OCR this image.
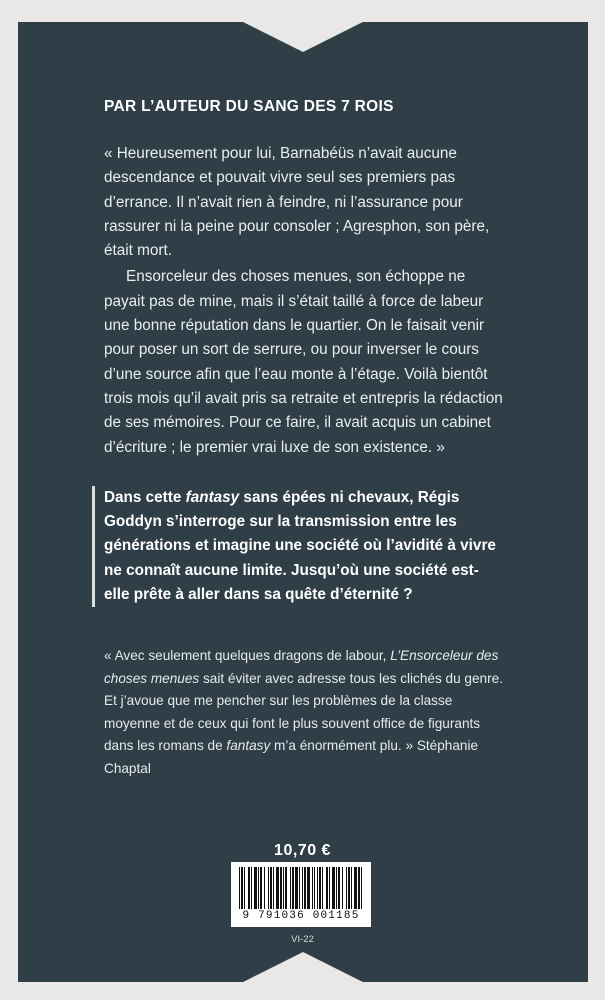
PAR L’AUTEUR DU SANG DES 7 ROIS

« Heureusement pour lui, Barnabéüs n’avait aucune descendance et pouvait vivre seul ses premiers pas d’errance. Il n’avait rien à feindre, ni l’assurance pour rassurer ni la peine pour consoler ; Agresphon, son père, était mort.

Ensorceleur des choses menues, son échoppe ne payait pas de mine, mais il s’était taillé à force de labeur une bonne réputation dans le quartier. On le faisait venir pour poser un sort de serrure, ou pour inverser le cours d’une source afin que l’eau monte à l’étage. Voilà bientôt trois mois qu’il avait pris sa retraite et entrepris la rédaction de ses mémoires. Pour ce faire, il avait acquis un cabinet d’écriture ; le premier vrai luxe de son existence. »

Dans cette fantasy sans épées ni chevaux, Régis Goddyn s’interroge sur la transmission entre les générations et imagine une société où l’avidité à vivre ne connaît aucune limite. Jusqu’où une société est-elle prête à aller dans sa quête d’éternité ?
« Avec seulement quelques dragons de labour, L’Ensorceleur des choses menues sait éviter avec adresse tous les clichés du genre. Et j’avoue que me pencher sur les problèmes de la classe moyenne et de ceux qui font le plus souvent office de figurants dans les romans de fantasy m’a énormément plu. » Stéphanie Chaptal
10,70 €
9 791036 001185
VI-22
